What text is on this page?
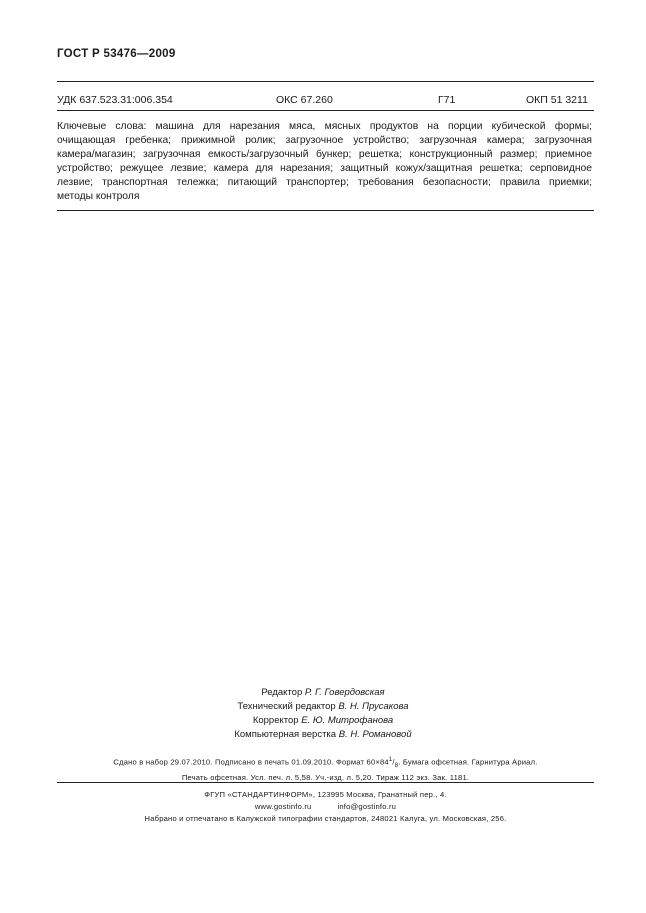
ГОСТ Р 53476—2009
УДК 637.523.31:006.354	ОКС 67.260	Г71	ОКП 51 3211

Ключевые слова: машина для нарезания мяса, мясных продуктов на порции кубической формы;

очищающая гребенка; прижимной ролик; загрузочное устройство; загрузочная камера; загрузочная

камера/магазин; загрузочная емкость/загрузочный бункер; решетка; конструкционный размер; приемное

устройство; режущее лезвие; камера для нарезания; защитный кожух/защитная решетка; серповидное

лезвие; транспортная тележка; питающий транспортер; требования безопасности; правила приемки;

методы контроля

Редактор Р. Г. Говердовская
Технический редактор В. Н. Прусакова
Корректор Е. Ю. Митрофанова
Компьютерная верстка В. Н. Романовой
Сдано в набор 29.07.2010. Подписано в печать 01.09.2010. Формат $60\times 84^1/_8$. Бумага офсетная. Гарнитура Ариал.
Печать офсетная. Усл. печ. л. 5,58. Уч.-изд. л. 5,20. Тираж 112 экз. Зак. 1181.
ФГУП «СТАНДАРТИНФОРМ», 123995 Москва, Гранатный пер., 4.
www.gostinfo.ru	info@gostinfo.ru
Набрано и отпечатано в Калужской типографии стандартов, 248021 Калуга, ул. Московская, 256.
